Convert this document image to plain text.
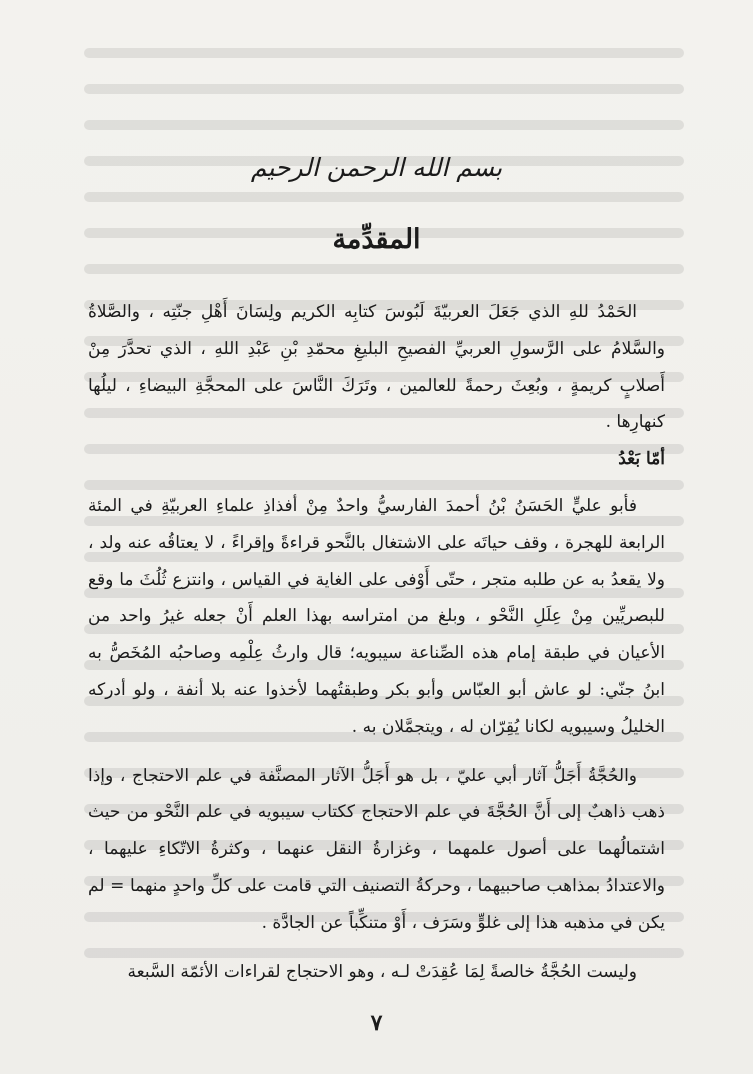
بسم الله الرحمن الرحيم
المقدِّمة

الحَمْدُ للهِ الذي جَعَلَ العربيّةَ لَبُوسَ كتابِه الكريم ولِسَانَ أَهْلِ جنّتِه ، والصَّلاةُ والسَّلامُ على الرَّسولِ العربيِّ الفصيحِ البليغِ محمّدِ بْنِ عَبْدِ اللهِ ، الذي تحدَّرَ مِنْ أَصلابٍ كريمةٍ ، وبُعِثَ رحمةً للعالمين ، وتَرَكَ النَّاسَ على المحجَّةِ البيضاءِ ، ليلُها كنهارِها .

أمّا بَعْدُ

فأبو عليٍّ الحَسَنُ بْنُ أحمدَ الفارسيُّ واحدٌ مِنْ أفذاذِ علماءِ العربيّةِ في المئة الرابعة للهجرة ، وقف حياتَه على الاشتغال بالنَّحو قراءةً وإقراءً ، لا يعتاقُه عنه ولد ، ولا يقعدُ به عن طلبه متجر ، حتّى أَوْفى على الغاية في القياس ، وانتزع ثُلُثَ ما وقع للبصريِّين مِنْ عِلَلِ النَّحْو ، وبلغ من امتراسه بهذا العلم أَنْ جعله غيرُ واحد من الأعيان في طبقة إمام هذه الصِّناعة سيبويه؛ قال وارثُ عِلْمِه وصاحبُه المُخَصُّ به ابنُ جنّي: لو عاش أبو العبّاس وأبو بكر وطبقتُهما لأخذوا عنه بلا أنفة ، ولو أدركه الخليلُ وسيبويه لكانا يُقِرّان له ، ويتجمَّلان به .

والحُجَّةُ أَجَلُّ آثار أبي عليّ ، بل هو أَجَلُّ الآثار المصنَّفة في علم الاحتجاج ، وإذا ذهب ذاهبٌ إلى أَنَّ الحُجَّةَ في علم الاحتجاج ككتاب سيبويه في علم النَّحْو من حيث اشتمالُهما على أصول علمهما ، وغزارةُ النقل عنهما ، وكثرةُ الاتّكاءِ عليهما ، والاعتدادُ بمذاهب صاحبيهما ، وحركةُ التصنيف التي قامت على كلِّ واحدٍ منهما = لم يكن في مذهبه هذا إلى غلوٍّ وسَرَف ، أَوْ متنكِّباً عن الجادَّة .

وليست الحُجَّةُ خالصةً لِمَا عُقِدَتْ لـه ، وهو الاحتجاج لقراءات الأئمّة السَّبعة

٧
